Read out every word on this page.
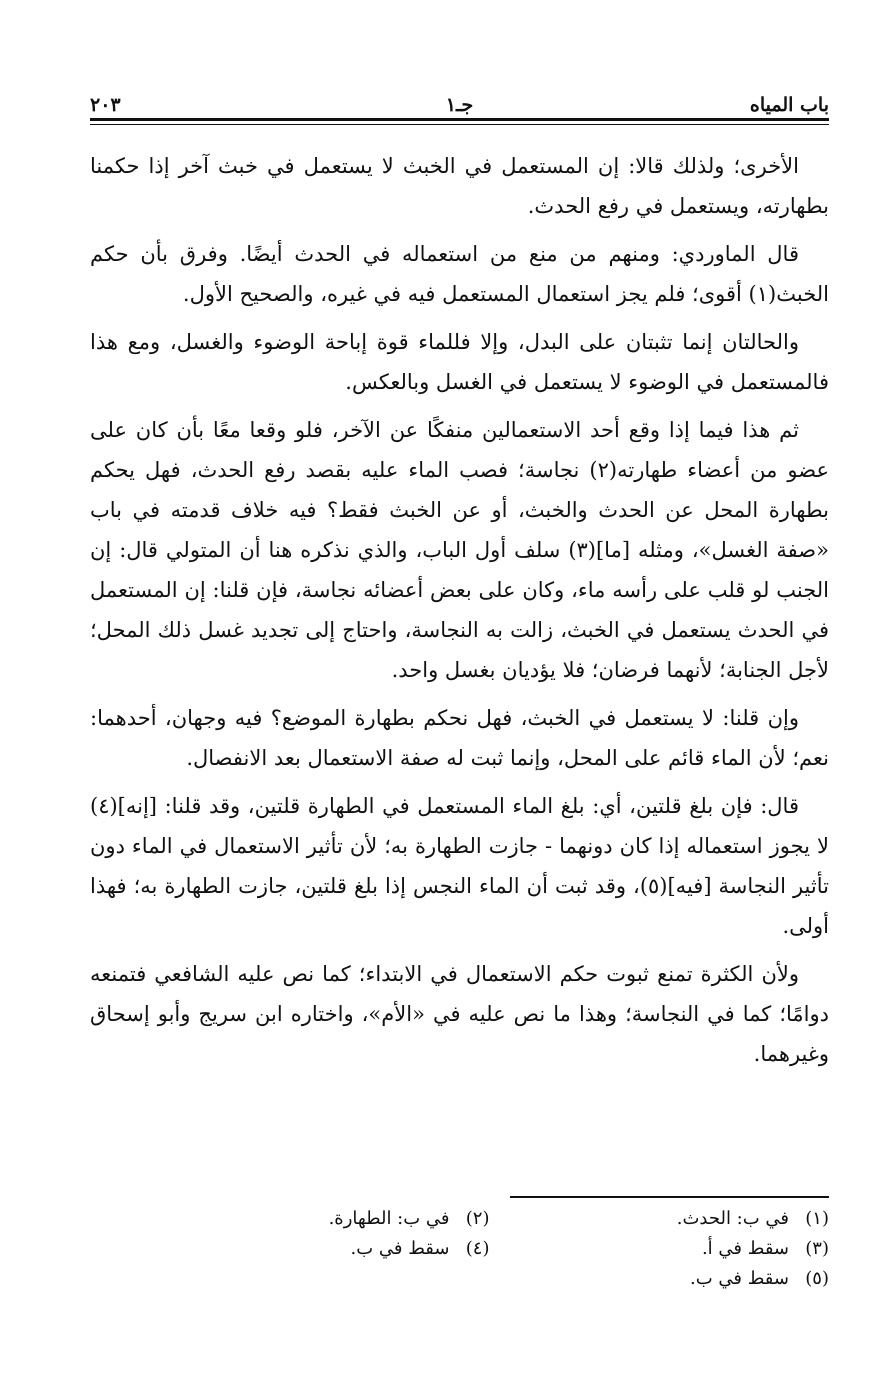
باب المياه
جـ١
٢٠٣

الأخرى؛ ولذلك قالا: إن المستعمل في الخبث لا يستعمل في خبث آخر إذا حكمنا بطهارته، ويستعمل في رفع الحدث.

قال الماوردي: ومنهم من منع من استعماله في الحدث أيضًا. وفرق بأن حكم الخبث(١) أقوى؛ فلم يجز استعمال المستعمل فيه في غيره، والصحيح الأول.

والحالتان إنما تثبتان على البدل، وإلا فللماء قوة إباحة الوضوء والغسل، ومع هذا فالمستعمل في الوضوء لا يستعمل في الغسل وبالعكس.

ثم هذا فيما إذا وقع أحد الاستعمالين منفكًا عن الآخر، فلو وقعا معًا بأن كان على عضو من أعضاء طهارته(٢) نجاسة؛ فصب الماء عليه بقصد رفع الحدث، فهل يحكم بطهارة المحل عن الحدث والخبث، أو عن الخبث فقط؟ فيه خلاف قدمته في باب «صفة الغسل»، ومثله [ما](٣) سلف أول الباب، والذي نذكره هنا أن المتولي قال: إن الجنب لو قلب على رأسه ماء، وكان على بعض أعضائه نجاسة، فإن قلنا: إن المستعمل في الحدث يستعمل في الخبث، زالت به النجاسة، واحتاج إلى تجديد غسل ذلك المحل؛ لأجل الجنابة؛ لأنهما فرضان؛ فلا يؤديان بغسل واحد.

وإن قلنا: لا يستعمل في الخبث، فهل نحكم بطهارة الموضع؟ فيه وجهان، أحدهما: نعم؛ لأن الماء قائم على المحل، وإنما ثبت له صفة الاستعمال بعد الانفصال.

قال: فإن بلغ قلتين، أي: بلغ الماء المستعمل في الطهارة قلتين، وقد قلنا: [إنه](٤) لا يجوز استعماله إذا كان دونهما - جازت الطهارة به؛ لأن تأثير الاستعمال في الماء دون تأثير النجاسة [فيه](٥)، وقد ثبت أن الماء النجس إذا بلغ قلتين، جازت الطهارة به؛ فهذا أولى.

ولأن الكثرة تمنع ثبوت حكم الاستعمال في الابتداء؛ كما نص عليه الشافعي فتمنعه دوامًا؛ كما في النجاسة؛ وهذا ما نص عليه في «الأم»، واختاره ابن سريج وأبو إسحاق وغيرهما.

(١)في ب: الحدث.
(٢)في ب: الطهارة.
(٣)سقط في أ.
(٤)سقط في ب.
(٥)سقط في ب.
